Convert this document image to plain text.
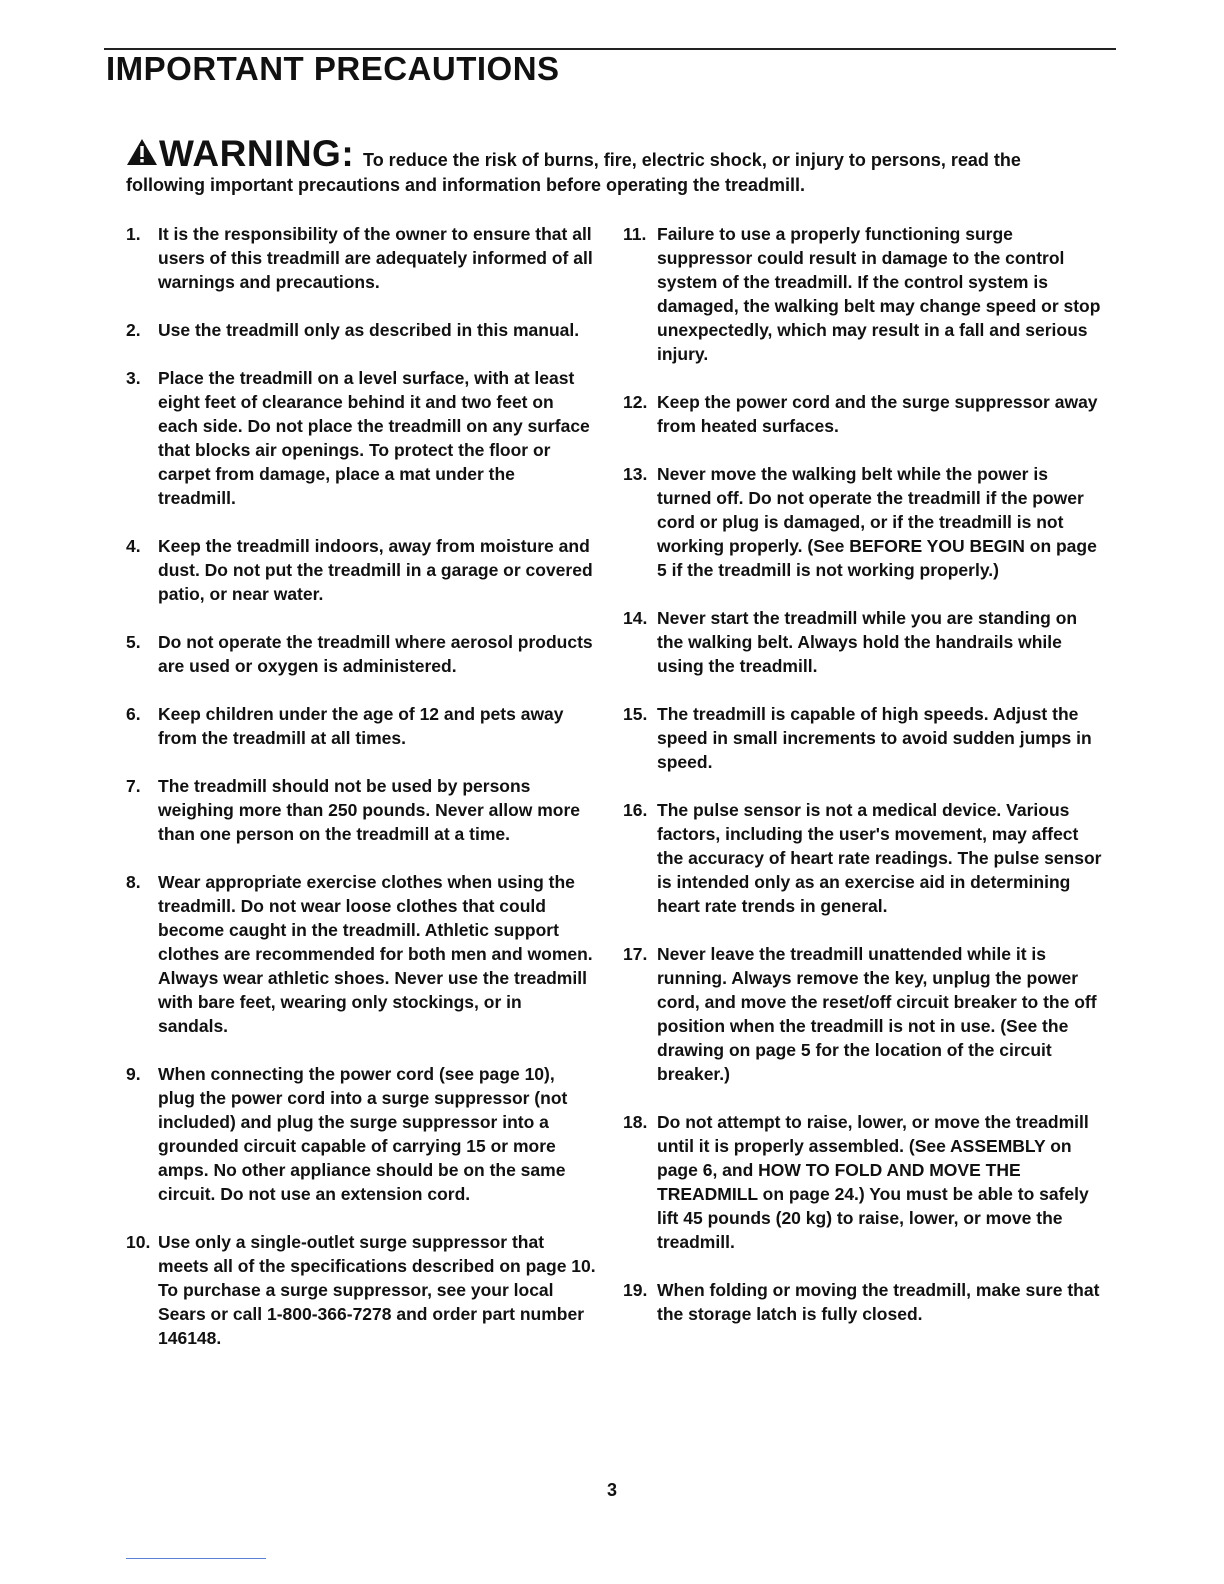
IMPORTANT PRECAUTIONS
WARNING: To reduce the risk of burns, fire, electric shock, or injury to persons, read the following important precautions and information before operating the treadmill.
1. It is the responsibility of the owner to ensure that all users of this treadmill are adequately informed of all warnings and precautions.
2. Use the treadmill only as described in this manual.
3. Place the treadmill on a level surface, with at least eight feet of clearance behind it and two feet on each side. Do not place the treadmill on any surface that blocks air openings. To protect the floor or carpet from damage, place a mat under the treadmill.
4. Keep the treadmill indoors, away from moisture and dust. Do not put the treadmill in a garage or covered patio, or near water.
5. Do not operate the treadmill where aerosol products are used or oxygen is administered.
6. Keep children under the age of 12 and pets away from the treadmill at all times.
7. The treadmill should not be used by persons weighing more than 250 pounds. Never allow more than one person on the treadmill at a time.
8. Wear appropriate exercise clothes when using the treadmill. Do not wear loose clothes that could become caught in the treadmill. Athletic support clothes are recommended for both men and women. Always wear athletic shoes. Never use the treadmill with bare feet, wearing only stockings, or in sandals.
9. When connecting the power cord (see page 10), plug the power cord into a surge suppressor (not included) and plug the surge suppressor into a grounded circuit capable of carrying 15 or more amps. No other appliance should be on the same circuit. Do not use an extension cord.
10. Use only a single-outlet surge suppressor that meets all of the specifications described on page 10. To purchase a surge suppressor, see your local Sears or call 1-800-366-7278 and order part number 146148.
11. Failure to use a properly functioning surge suppressor could result in damage to the control system of the treadmill. If the control system is damaged, the walking belt may change speed or stop unexpectedly, which may result in a fall and serious injury.
12. Keep the power cord and the surge suppressor away from heated surfaces.
13. Never move the walking belt while the power is turned off. Do not operate the treadmill if the power cord or plug is damaged, or if the treadmill is not working properly. (See BEFORE YOU BEGIN on page 5 if the treadmill is not working properly.)
14. Never start the treadmill while you are standing on the walking belt. Always hold the handrails while using the treadmill.
15. The treadmill is capable of high speeds. Adjust the speed in small increments to avoid sudden jumps in speed.
16. The pulse sensor is not a medical device. Various factors, including the user's movement, may affect the accuracy of heart rate readings. The pulse sensor is intended only as an exercise aid in determining heart rate trends in general.
17. Never leave the treadmill unattended while it is running. Always remove the key, unplug the power cord, and move the reset/off circuit breaker to the off position when the treadmill is not in use. (See the drawing on page 5 for the location of the circuit breaker.)
18. Do not attempt to raise, lower, or move the treadmill until it is properly assembled. (See ASSEMBLY on page 6, and HOW TO FOLD AND MOVE THE TREADMILL on page 24.) You must be able to safely lift 45 pounds (20 kg) to raise, lower, or move the treadmill.
19. When folding or moving the treadmill, make sure that the storage latch is fully closed.
3
